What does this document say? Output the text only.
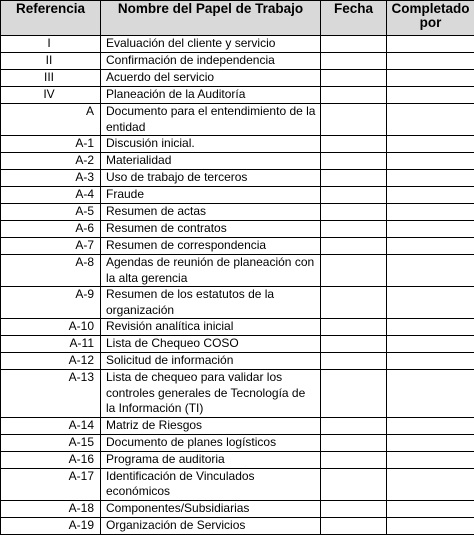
Referencia	Nombre del Papel de Trabajo	Fecha	Completado por
I	Evaluación del cliente y servicio		
II	Confirmación de independencia		
III	Acuerdo del servicio		
IV	Planeación de la Auditoría		
A	Documento para el entendimiento de la entidad		
A-1	Discusión inicial.		
A-2	Materialidad		
A-3	Uso de trabajo de terceros		
A-4	Fraude		
A-5	Resumen de actas		
A-6	Resumen de contratos		
A-7	Resumen de correspondencia		
A-8	Agendas de reunión de planeación con la alta gerencia		
A-9	Resumen de los estatutos de la organización		
A-10	Revisión analítica inicial		
A-11	Lista de Chequeo COSO		
A-12	Solicitud de información		
A-13	Lista de chequeo para validar los controles generales de Tecnología de la Información (TI)		
A-14	Matriz de Riesgos		
A-15	Documento de planes logísticos		
A-16	Programa de auditoria		
A-17	Identificación de Vinculados económicos		
A-18	Componentes/Subsidiarias		
A-19	Organización de Servicios		
